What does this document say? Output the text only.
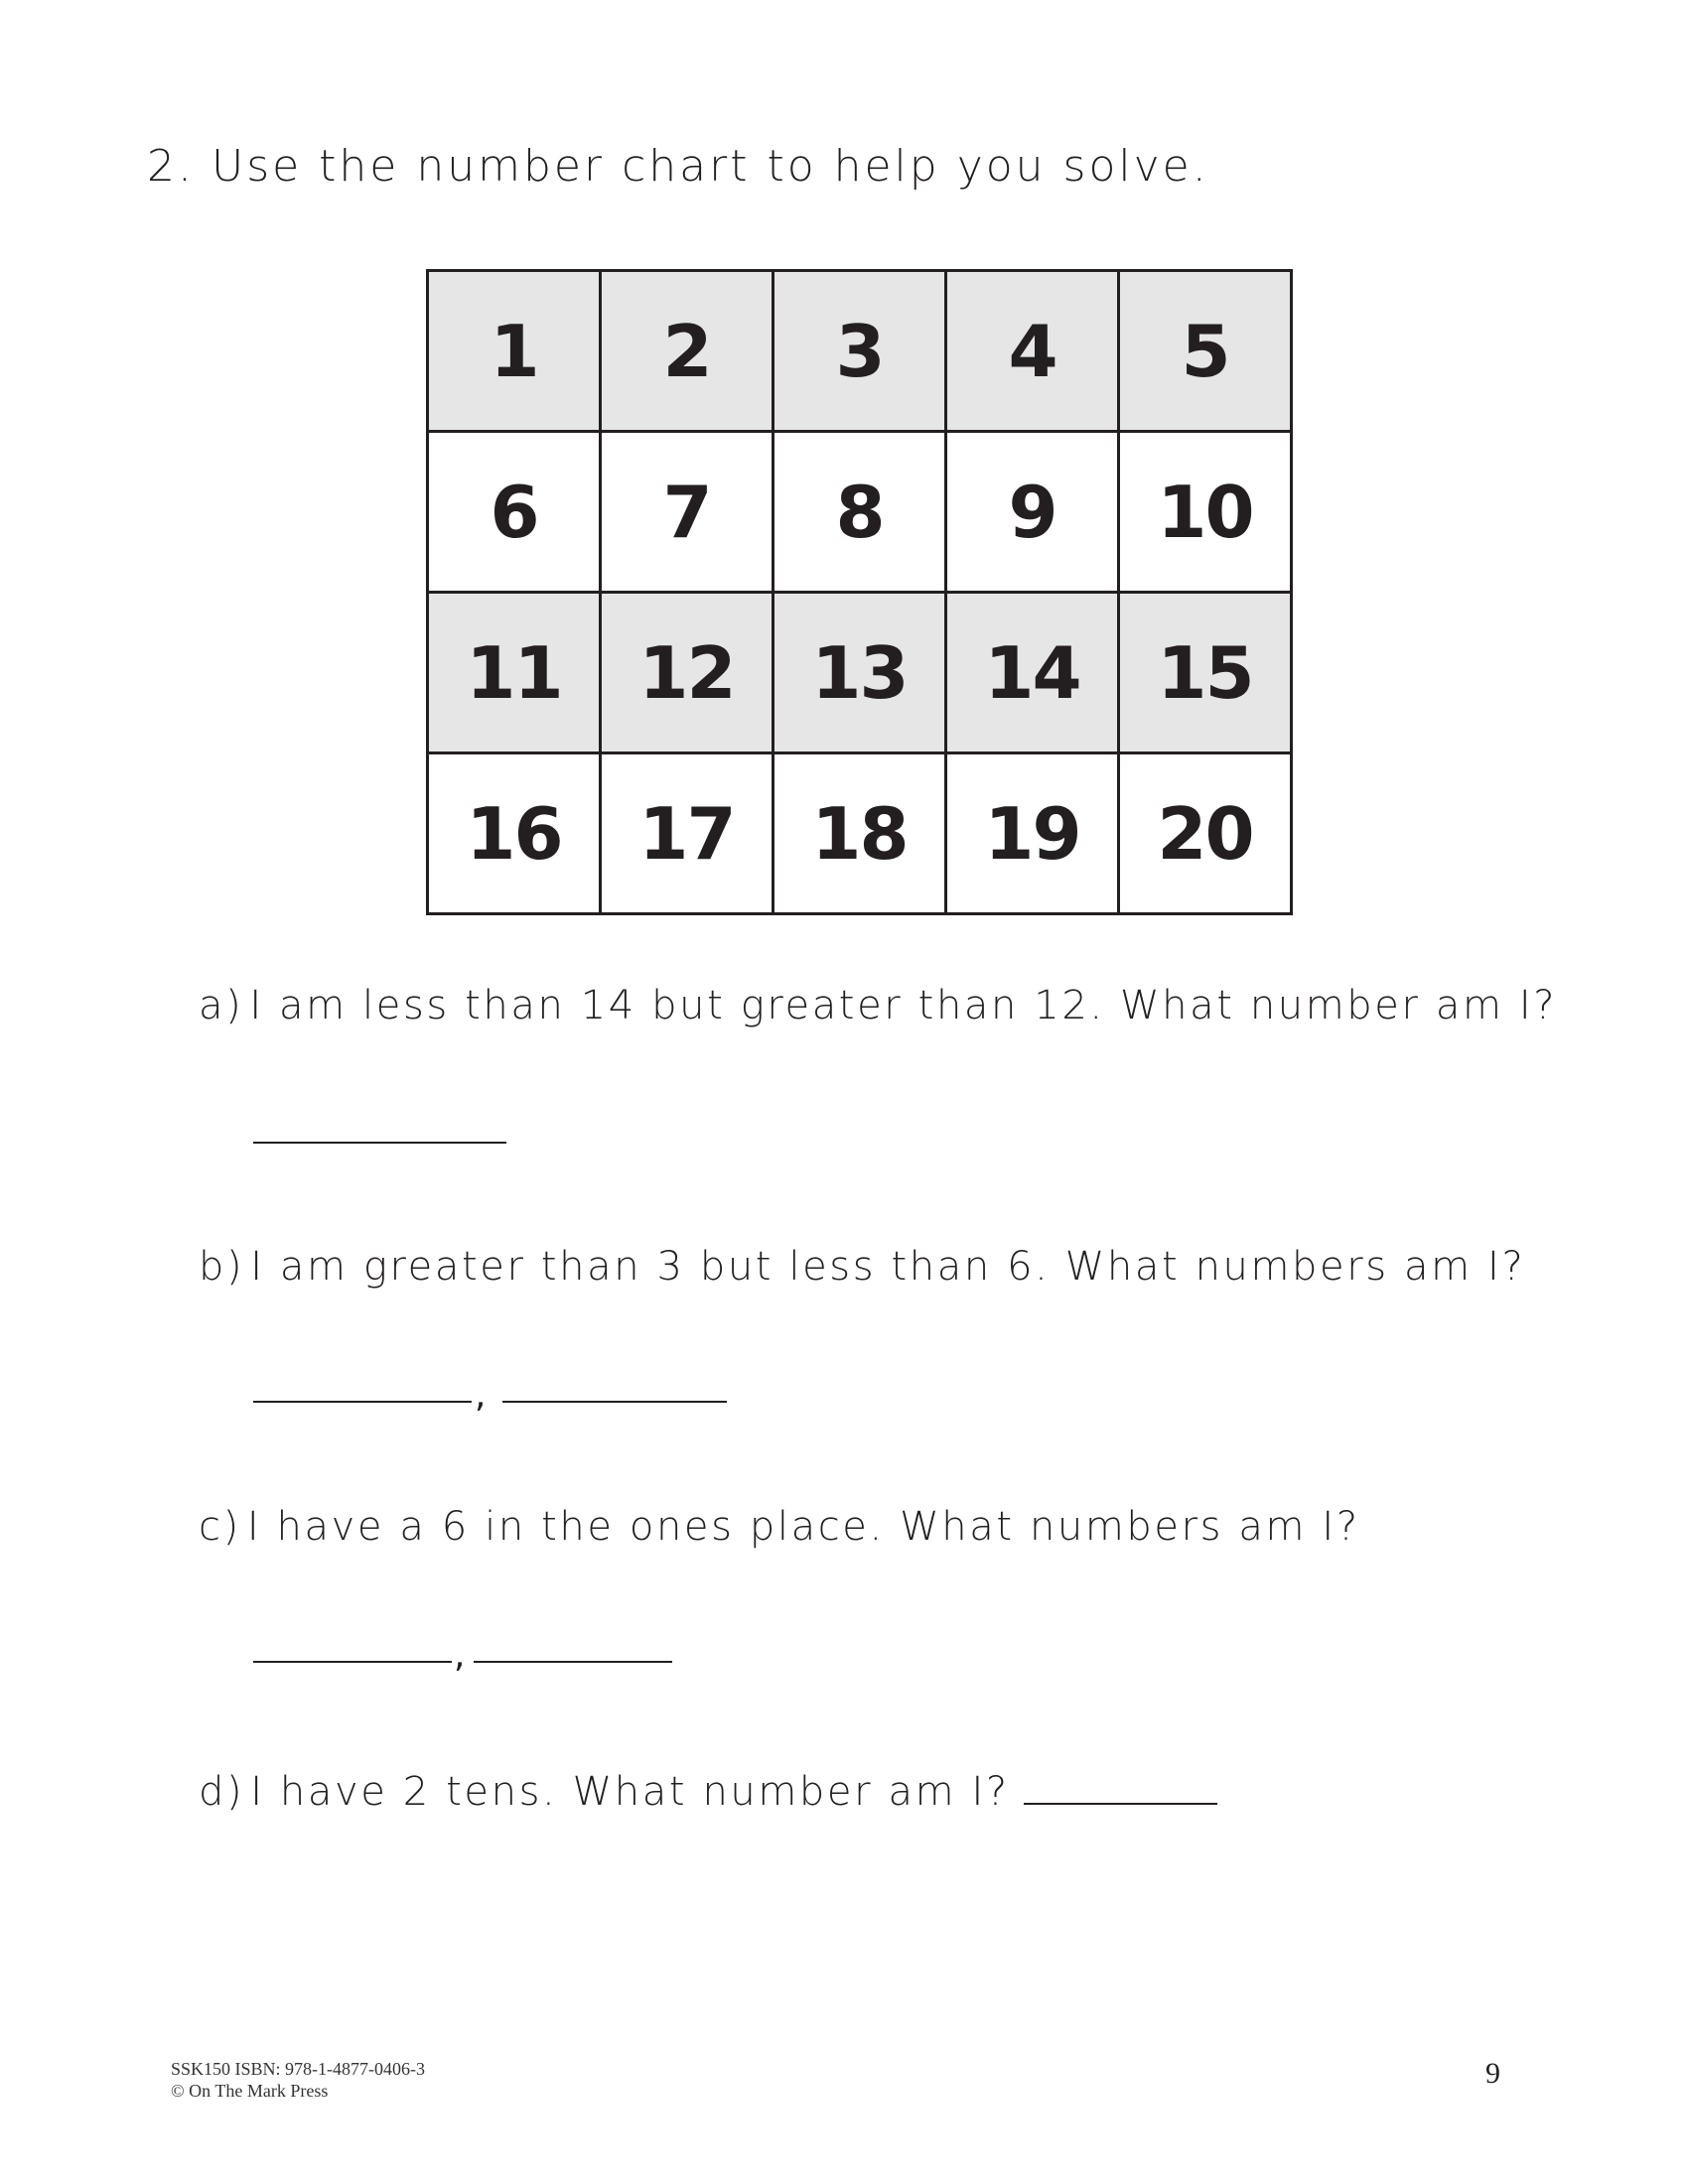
2. Use the number chart to help you solve.
1	2	3	4	5
6	7	8	9	10
11	12	13	14	15
16	17	18	19	20
a) I am less than 14 but greater than 12. What number am I?
b) I am greater than 3 but less than 6. What numbers am I?
,
c) I have a 6 in the ones place. What numbers am I?
,
d) I have 2 tens. What number am I?
SSK150 ISBN: 978-1-4877-0406-3
© On The Mark Press
9
